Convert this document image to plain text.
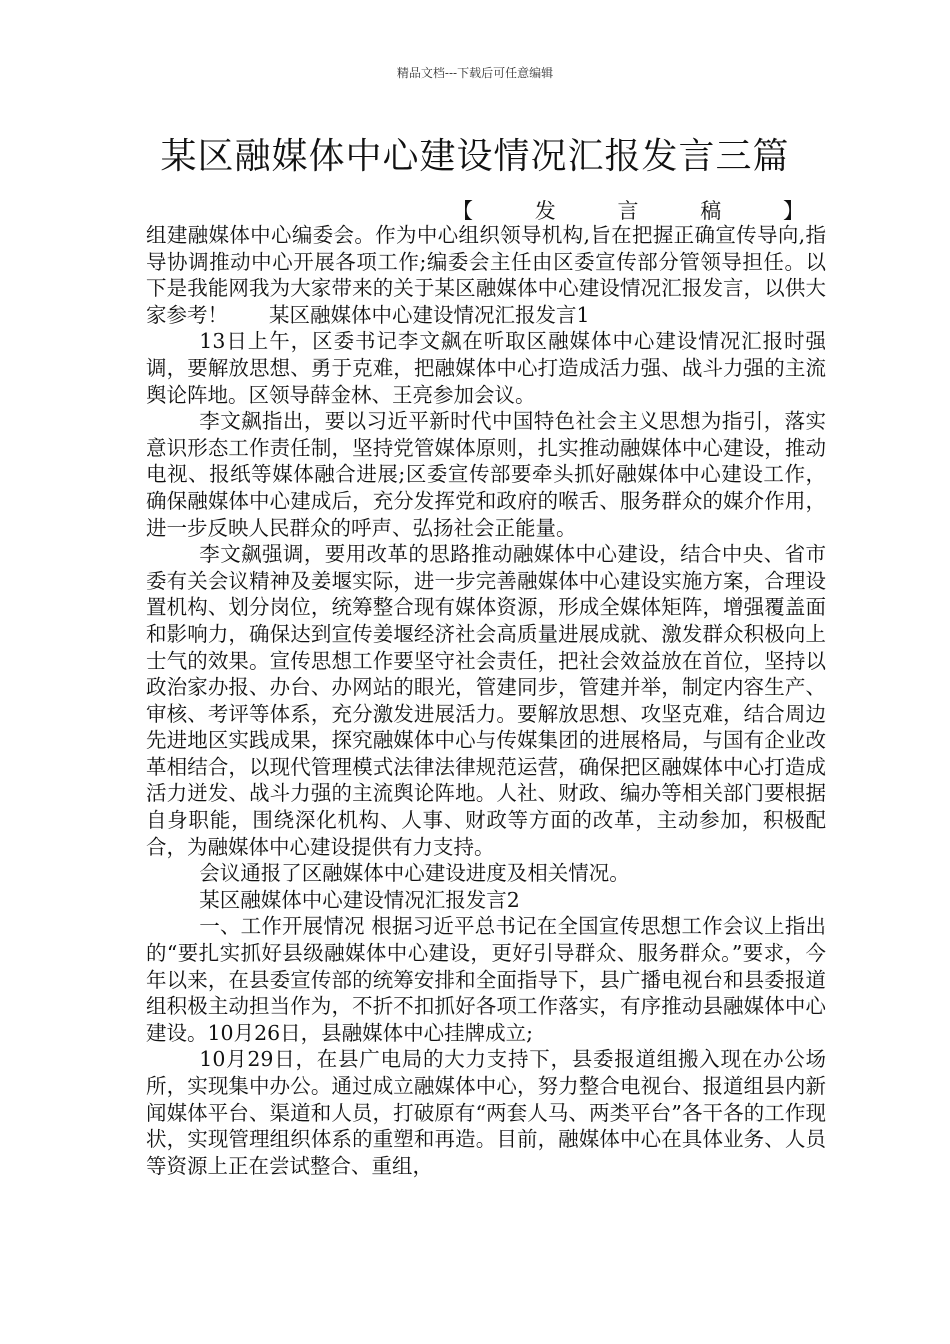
精品文档---下载后可任意编辑
某区融媒体中心建设情况汇报发言三篇
【	发	言	稿	】

组建融媒体中心编委会。作为中心组织领导机构,旨在把握正确宣传导向,指导协调推动中心开展各项工作;编委会主任由区委宣传部分管领导担任。以下是我能网我为大家带来的关于某区融媒体中心建设情况汇报发言，以供大家参考！　　某区融媒体中心建设情况汇报发言1

13日上午，区委书记李文飙在听取区融媒体中心建设情况汇报时强调，要解放思想、勇于克难，把融媒体中心打造成活力强、战斗力强的主流舆论阵地。区领导薛金林、王亮参加会议。

李文飙指出，要以习近平新时代中国特色社会主义思想为指引，落实意识形态工作责任制，坚持党管媒体原则，扎实推动融媒体中心建设，推动电视、报纸等媒体融合进展;区委宣传部要牵头抓好融媒体中心建设工作，确保融媒体中心建成后，充分发挥党和政府的喉舌、服务群众的媒介作用，进一步反映人民群众的呼声、弘扬社会正能量。

李文飙强调，要用改革的思路推动融媒体中心建设，结合中央、省市委有关会议精神及姜堰实际，进一步完善融媒体中心建设实施方案，合理设置机构、划分岗位，统筹整合现有媒体资源，形成全媒体矩阵，增强覆盖面和影响力，确保达到宣传姜堰经济社会高质量进展成就、激发群众积极向上士气的效果。宣传思想工作要坚守社会责任，把社会效益放在首位，坚持以政治家办报、办台、办网站的眼光，管建同步，管建并举，制定内容生产、审核、考评等体系，充分激发进展活力。要解放思想、攻坚克难，结合周边先进地区实践成果，探究融媒体中心与传媒集团的进展格局，与国有企业改革相结合，以现代管理模式法律法律规范运营，确保把区融媒体中心打造成活力迸发、战斗力强的主流舆论阵地。人社、财政、编办等相关部门要根据自身职能，围绕深化机构、人事、财政等方面的改革，主动参加，积极配合，为融媒体中心建设提供有力支持。

会议通报了区融媒体中心建设进度及相关情况。

某区融媒体中心建设情况汇报发言2

一、工作开展情况 根据习近平总书记在全国宣传思想工作会议上指出的“要扎实抓好县级融媒体中心建设，更好引导群众、服务群众。”要求，今年以来，在县委宣传部的统筹安排和全面指导下，县广播电视台和县委报道组积极主动担当作为，不折不扣抓好各项工作落实，有序推动县融媒体中心建设。10月26日，县融媒体中心挂牌成立;

10月29日，在县广电局的大力支持下，县委报道组搬入现在办公场所，实现集中办公。通过成立融媒体中心，努力整合电视台、报道组县内新闻媒体平台、渠道和人员，打破原有“两套人马、两类平台”各干各的工作现状，实现管理组织体系的重塑和再造。目前，融媒体中心在具体业务、人员等资源上正在尝试整合、重组，
